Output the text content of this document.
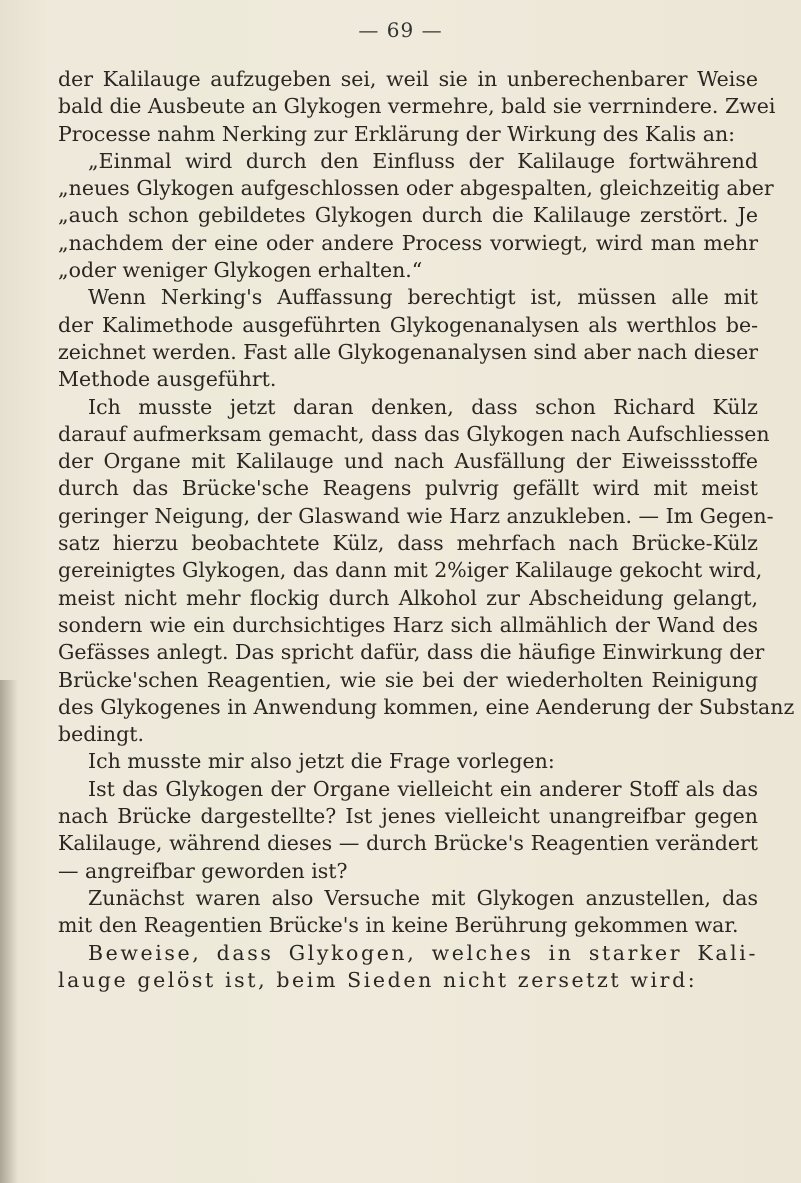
— 69 —
der Kalilauge aufzugeben sei, weil sie in unberechenbarer Weise
bald die Ausbeute an Glykogen vermehre, bald sie verrnindere. Zwei
Processe nahm Nerking zur Erklärung der Wirkung des Kalis an:
„Einmal wird durch den Einfluss der Kalilauge fortwährend
„neues Glykogen aufgeschlossen oder abgespalten, gleichzeitig aber
„auch schon gebildetes Glykogen durch die Kalilauge zerstört. Je
„nachdem der eine oder andere Process vorwiegt, wird man mehr
„oder weniger Glykogen erhalten.“
Wenn Nerking's Auffassung berechtigt ist, müssen alle mit
der Kalimethode ausgeführten Glykogenanalysen als werthlos be-
zeichnet werden. Fast alle Glykogenanalysen sind aber nach dieser
Methode ausgeführt.
Ich musste jetzt daran denken, dass schon Richard Külz
darauf aufmerksam gemacht, dass das Glykogen nach Aufschliessen
der Organe mit Kalilauge und nach Ausfällung der Eiweissstoffe
durch das Brücke'sche Reagens pulvrig gefällt wird mit meist
geringer Neigung, der Glaswand wie Harz anzukleben. — Im Gegen-
satz hierzu beobachtete Külz, dass mehrfach nach Brücke-Külz
gereinigtes Glykogen, das dann mit 2%iger Kalilauge gekocht wird,
meist nicht mehr flockig durch Alkohol zur Abscheidung gelangt,
sondern wie ein durchsichtiges Harz sich allmählich der Wand des
Gefässes anlegt. Das spricht dafür, dass die häufige Einwirkung der
Brücke'schen Reagentien, wie sie bei der wiederholten Reinigung
des Glykogenes in Anwendung kommen, eine Aenderung der Substanz
bedingt.
Ich musste mir also jetzt die Frage vorlegen:
Ist das Glykogen der Organe vielleicht ein anderer Stoff als das
nach Brücke dargestellte? Ist jenes vielleicht unangreifbar gegen
Kalilauge, während dieses — durch Brücke's Reagentien verändert
— angreifbar geworden ist?
Zunächst waren also Versuche mit Glykogen anzustellen, das
mit den Reagentien Brücke's in keine Berührung gekommen war.
Beweise, dass Glykogen, welches in starker Kali-
lauge gelöst ist, beim Sieden nicht zersetzt wird:
